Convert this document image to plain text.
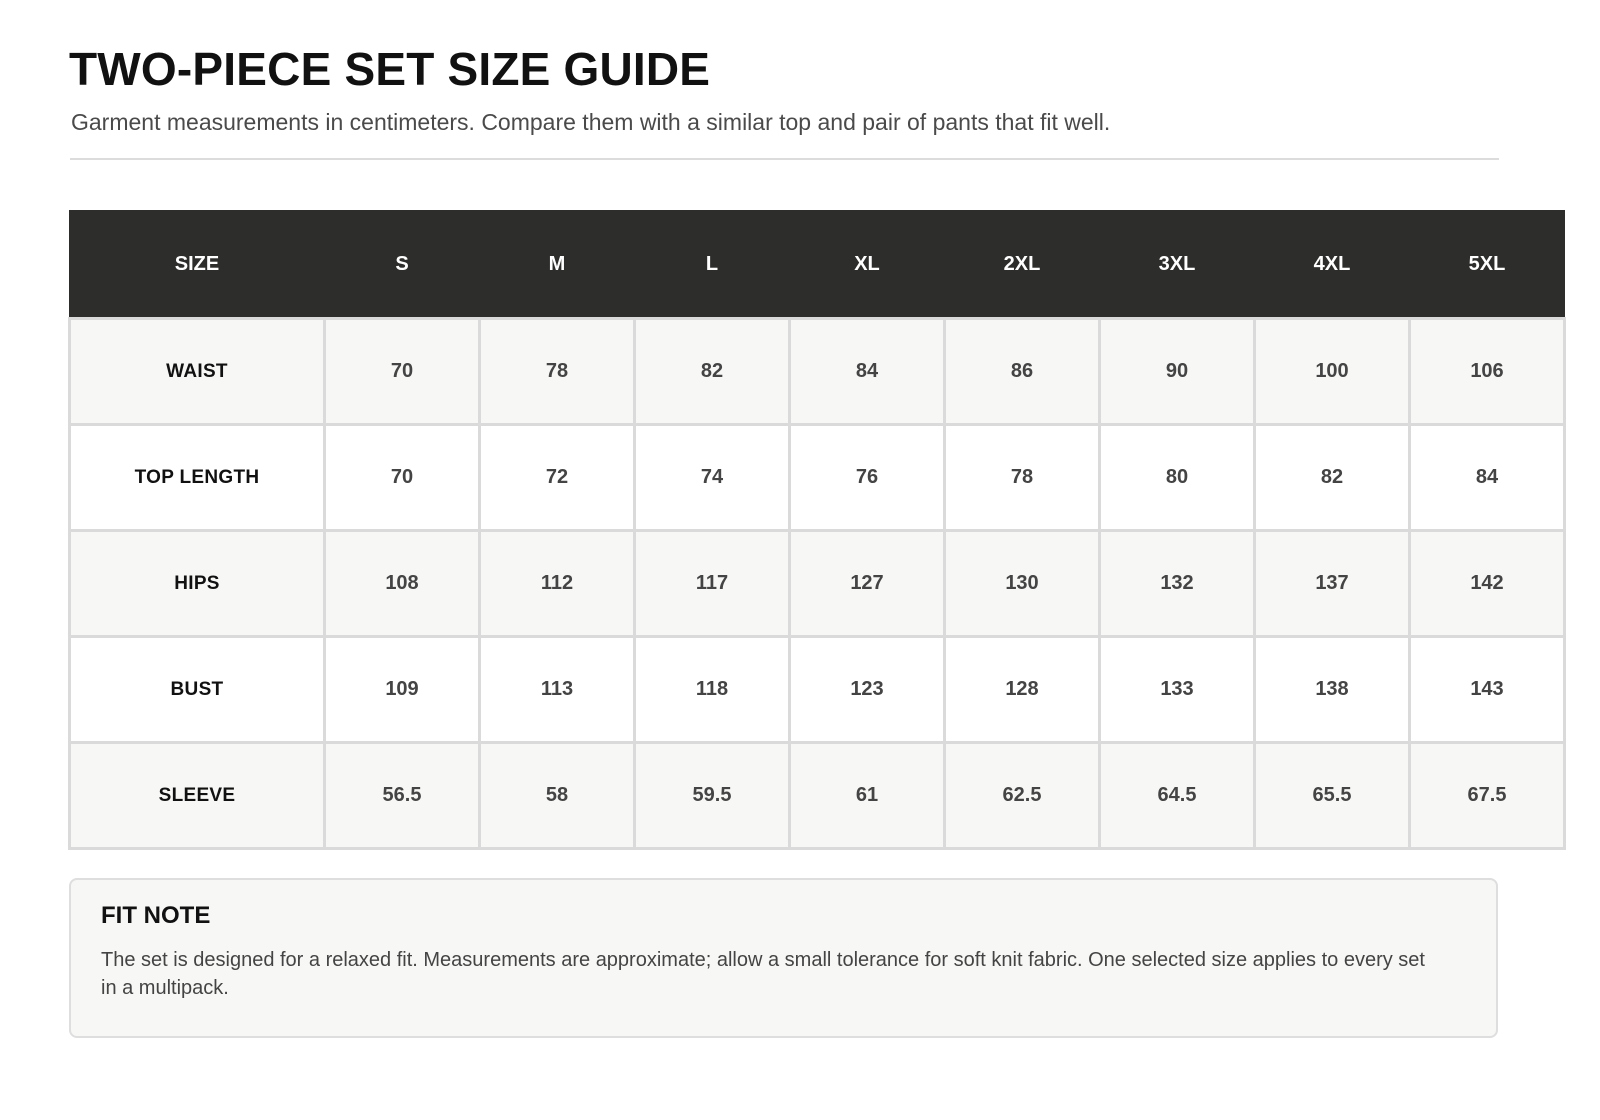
TWO-PIECE SET SIZE GUIDE

Garment measurements in centimeters. Compare them with a similar top and pair of pants that fit well.

SIZE	S	M	L	XL	2XL	3XL	4XL	5XL
WAIST	70	78	82	84	86	90	100	106
TOP LENGTH	70	72	74	76	78	80	82	84
HIPS	108	112	117	127	130	132	137	142
BUST	109	113	118	123	128	133	138	143
SLEEVE	56.5	58	59.5	61	62.5	64.5	65.5	67.5
FIT NOTE

The set is designed for a relaxed fit. Measurements are approximate; allow a small tolerance for soft knit fabric. One selected size applies to every set in a multipack.
